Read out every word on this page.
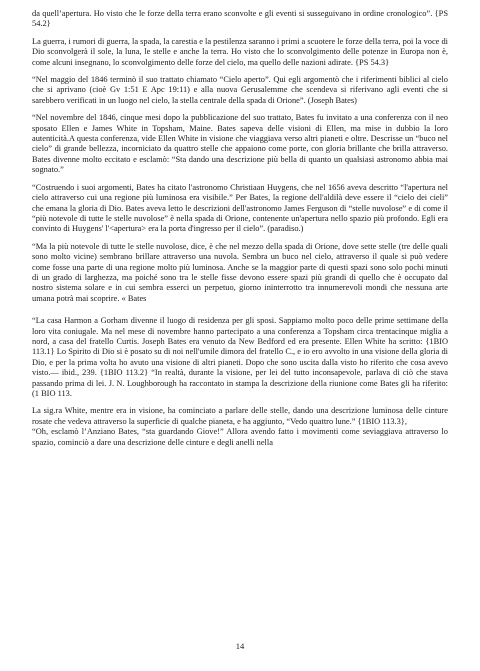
da quell’apertura. Ho visto che le forze della terra erano sconvolte e gli eventi si susseguivano in ordine cronologico”. {PS 54.2}

La guerra, i rumori di guerra, la spada, la carestia e la pestilenza saranno i primi a scuotere le forze della terra, poi la voce di Dio sconvolgerà il sole, la luna, le stelle e anche la terra. Ho visto che lo sconvolgimento delle potenze in Europa non è, come alcuni insegnano, lo sconvolgimento delle forze del cielo, ma quello delle nazioni adirate. {PS 54.3}

“Nel maggio del 1846 terminò il suo trattato chiamato “Cielo aperto”. Qui egli argomentò che i riferimenti biblici al cielo che si aprivano (cioè Gv 1:51 E Apc 19:11) e alla nuova Gerusalemme che scendeva si riferivano agli eventi che si sarebbero verificati in un luogo nel cielo, la stella centrale della spada di Orione”. (Joseph Bates)

“Nel novembre del 1846, cinque mesi dopo la pubblicazione del suo trattato, Bates fu invitato a una conferenza con il neo sposato Ellen e James White in Topsham, Maine. Bates sapeva delle visioni di Ellen, ma mise in dubbio la loro autenticità.A questa conferenza, vide Ellen White in visione che viaggiava verso altri pianeti e oltre. Descrisse un “buco nel cielo” di grande bellezza, incorniciato da quattro stelle che appaiono come porte, con gloria brillante che brilla attraverso. Bates divenne molto eccitato e esclamò: “Sta dando una descrizione più bella di quanto un qualsiasi astronomo abbia mai sognato.”

“Costruendo i suoi argomenti, Bates ha citato l'astronomo Christiaan Huygens, che nel 1656 aveva descritto “l'apertura nel cielo attraverso cui una regione più luminosa era visibile.” Per Bates, la regione dell'aldilà deve essere il “cielo dei cieli” che emana la gloria di Dio. Bates aveva letto le descrizioni dell'astronomo James Ferguson di “stelle nuvolose” e di come il “più notevole di tutte le stelle nuvolose” è nella spada di Orione, contenente un'apertura nello spazio più profondo. Egli era convinto di Huygens' l'<apertura> era la porta d'ingresso per il cielo”. (paradiso.)

“Ma la più notevole di tutte le stelle nuvolose, dice, è che nel mezzo della spada di Orione, dove sette stelle (tre delle quali sono molto vicine) sembrano brillare attraverso una nuvola. Sembra un buco nel cielo, attraverso il quale si può vedere come fosse una parte di una regione molto più luminosa. Anche se la maggior parte di questi spazi sono solo pochi minuti di un grado di larghezza, ma poiché sono tra le stelle fisse devono essere spazi più grandi di quello che è occupato dal nostro sistema solare e in cui sembra esserci un perpetuo, giorno ininterrotto tra innumerevoli mondi che nessuna arte umana potrà mai scoprire. « Bates

“La casa Harmon a Gorham divenne il luogo di residenza per gli sposi. Sappiamo molto poco delle prime settimane della loro vita coniugale. Ma nel mese di novembre hanno partecipato a una conferenza a Topsham circa trentacinque miglia a nord, a casa del fratello Curtis. Joseph Bates era venuto da New Bedford ed era presente. Ellen White ha scritto: {1BIO 113.1} Lo Spirito di Dio si è posato su di noi nell'umile dimora del fratello C., e io ero avvolto in una visione della gloria di Dio, e per la prima volta ho avuto una visione di altri pianeti. Dopo che sono uscita dalla visto ho riferito che cosa avevo visto.— ibid., 239. {1BIO 113.2} “In realtà, durante la visione, per lei del tutto inconsapevole, parlava di ciò che stava passando prima di lei. J. N. Loughborough ha raccontato in stampa la descrizione della riunione come Bates gli ha riferito: (1 BIO 113.

La sig.ra White, mentre era in visione, ha cominciato a parlare delle stelle, dando una descrizione luminosa delle cinture rosate che vedeva attraverso la superficie di qualche pianeta, e ha aggiunto, “Vedo quattro lune.” {1BIO 113.3},

“Oh, esclamò l’Anziano Bates, “sta guardando Giove!” Allora avendo fatto i movimenti come seviaggiava attraverso lo spazio, cominciò a dare una descrizione delle cinture e degli anelli nella

14
